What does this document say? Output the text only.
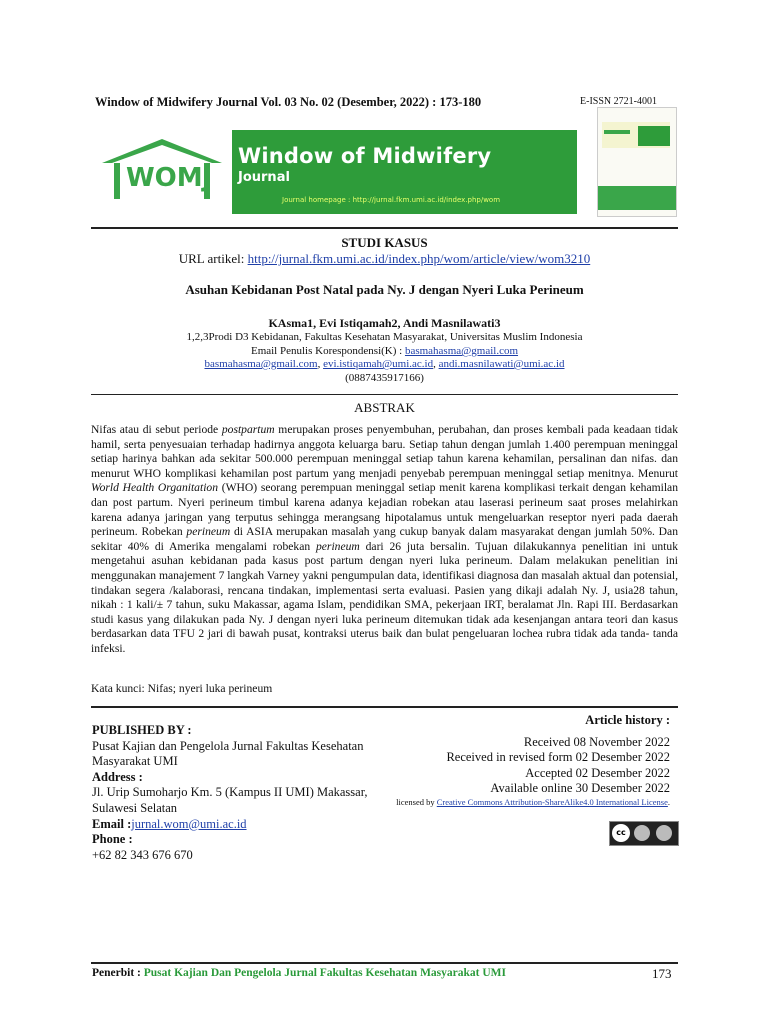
Window of Midwifery Journal Vol. 03 No. 02 (Desember, 2022) : 173-180	E-ISSN 2721-4001
WOMJ
Window of Midwifery
Journal
Journal homepage : http://jurnal.fkm.umi.ac.id/index.php/wom
STUDI KASUS
URL artikel: http://jurnal.fkm.umi.ac.id/index.php/wom/article/view/wom3210
Asuhan Kebidanan Post Natal pada Ny. J dengan Nyeri Luka Perineum
KAsma1, Evi Istiqamah2, Andi Masnilawati3
1,2,3Prodi D3 Kebidanan, Fakultas Kesehatan Masyarakat, Universitas Muslim Indonesia
Email Penulis Korespondensi(K) : basmahasma@gmail.com
basmahasma@gmail.com, evi.istiqamah@umi.ac.id, andi.masnilawati@umi.ac.id
(0887435917166)
ABSTRAK
Nifas atau di sebut periode postpartum merupakan proses penyembuhan, perubahan, dan proses kembali pada keadaan tidak hamil, serta penyesuaian terhadap hadirnya anggota keluarga baru. Setiap tahun dengan jumlah 1.400 perempuan meninggal setiap harinya bahkan ada sekitar 500.000 perempuan meninggal setiap tahun karena kehamilan, persalinan dan nifas. dan menurut WHO komplikasi kehamilan post partum yang menjadi penyebab perempuan meninggal setiap menitnya. Menurut World Health Organitation (WHO) seorang perempuan meninggal setiap menit karena komplikasi terkait dengan kehamilan dan post partum. Nyeri perineum timbul karena adanya kejadian robekan atau laserasi perineum saat proses melahirkan karena adanya jaringan yang terputus sehingga merangsang hipotalamus untuk mengeluarkan reseptor nyeri pada daerah perineum. Robekan perineum di ASIA merupakan masalah yang cukup banyak dalam masyarakat dengan jumlah 50%. Dan sekitar 40% di Amerika mengalami robekan perineum dari 26 juta bersalin. Tujuan dilakukannya penelitian ini untuk mengetahui asuhan kebidanan pada kasus post partum dengan nyeri luka perineum. Dalam melakukan penelitian ini menggunakan manajement 7 langkah Varney yakni pengumpulan data, identifikasi diagnosa dan masalah aktual dan potensial, tindakan segera /kalaborasi, rencana tindakan, implementasi serta evaluasi. Pasien yang dikaji adalah Ny. J, usia28 tahun, nikah : 1 kali/± 7 tahun, suku Makassar, agama Islam, pendidikan SMA, pekerjaan IRT, beralamat Jln. Rapi III. Berdasarkan studi kasus yang dilakukan pada Ny. J dengan nyeri luka perineum ditemukan tidak ada kesenjangan antara teori dan kasus berdasarkan data TFU 2 jari di bawah pusat, kontraksi uterus baik dan bulat pengeluaran lochea rubra tidak ada tanda- tanda infeksi.
Kata kunci: Nifas; nyeri luka perineum
PUBLISHED BY :
Pusat Kajian dan Pengelola Jurnal Fakultas Kesehatan Masyarakat UMI
Address :
Jl. Urip Sumoharjo Km. 5 (Kampus II UMI) Makassar, Sulawesi Selatan
Email :jurnal.wom@umi.ac.id
Phone :
+62 82 343 676 670
Article history :
Received 08 November 2022
Received in revised form 02 Desember 2022
Accepted 02 Desember 2022
Available online 30 Desember 2022
licensed by Creative Commons Attribution-ShareAlike4.0 International License.
cc
Penerbit : Pusat Kajian Dan Pengelola Jurnal Fakultas Kesehatan Masyarakat UMI	173
